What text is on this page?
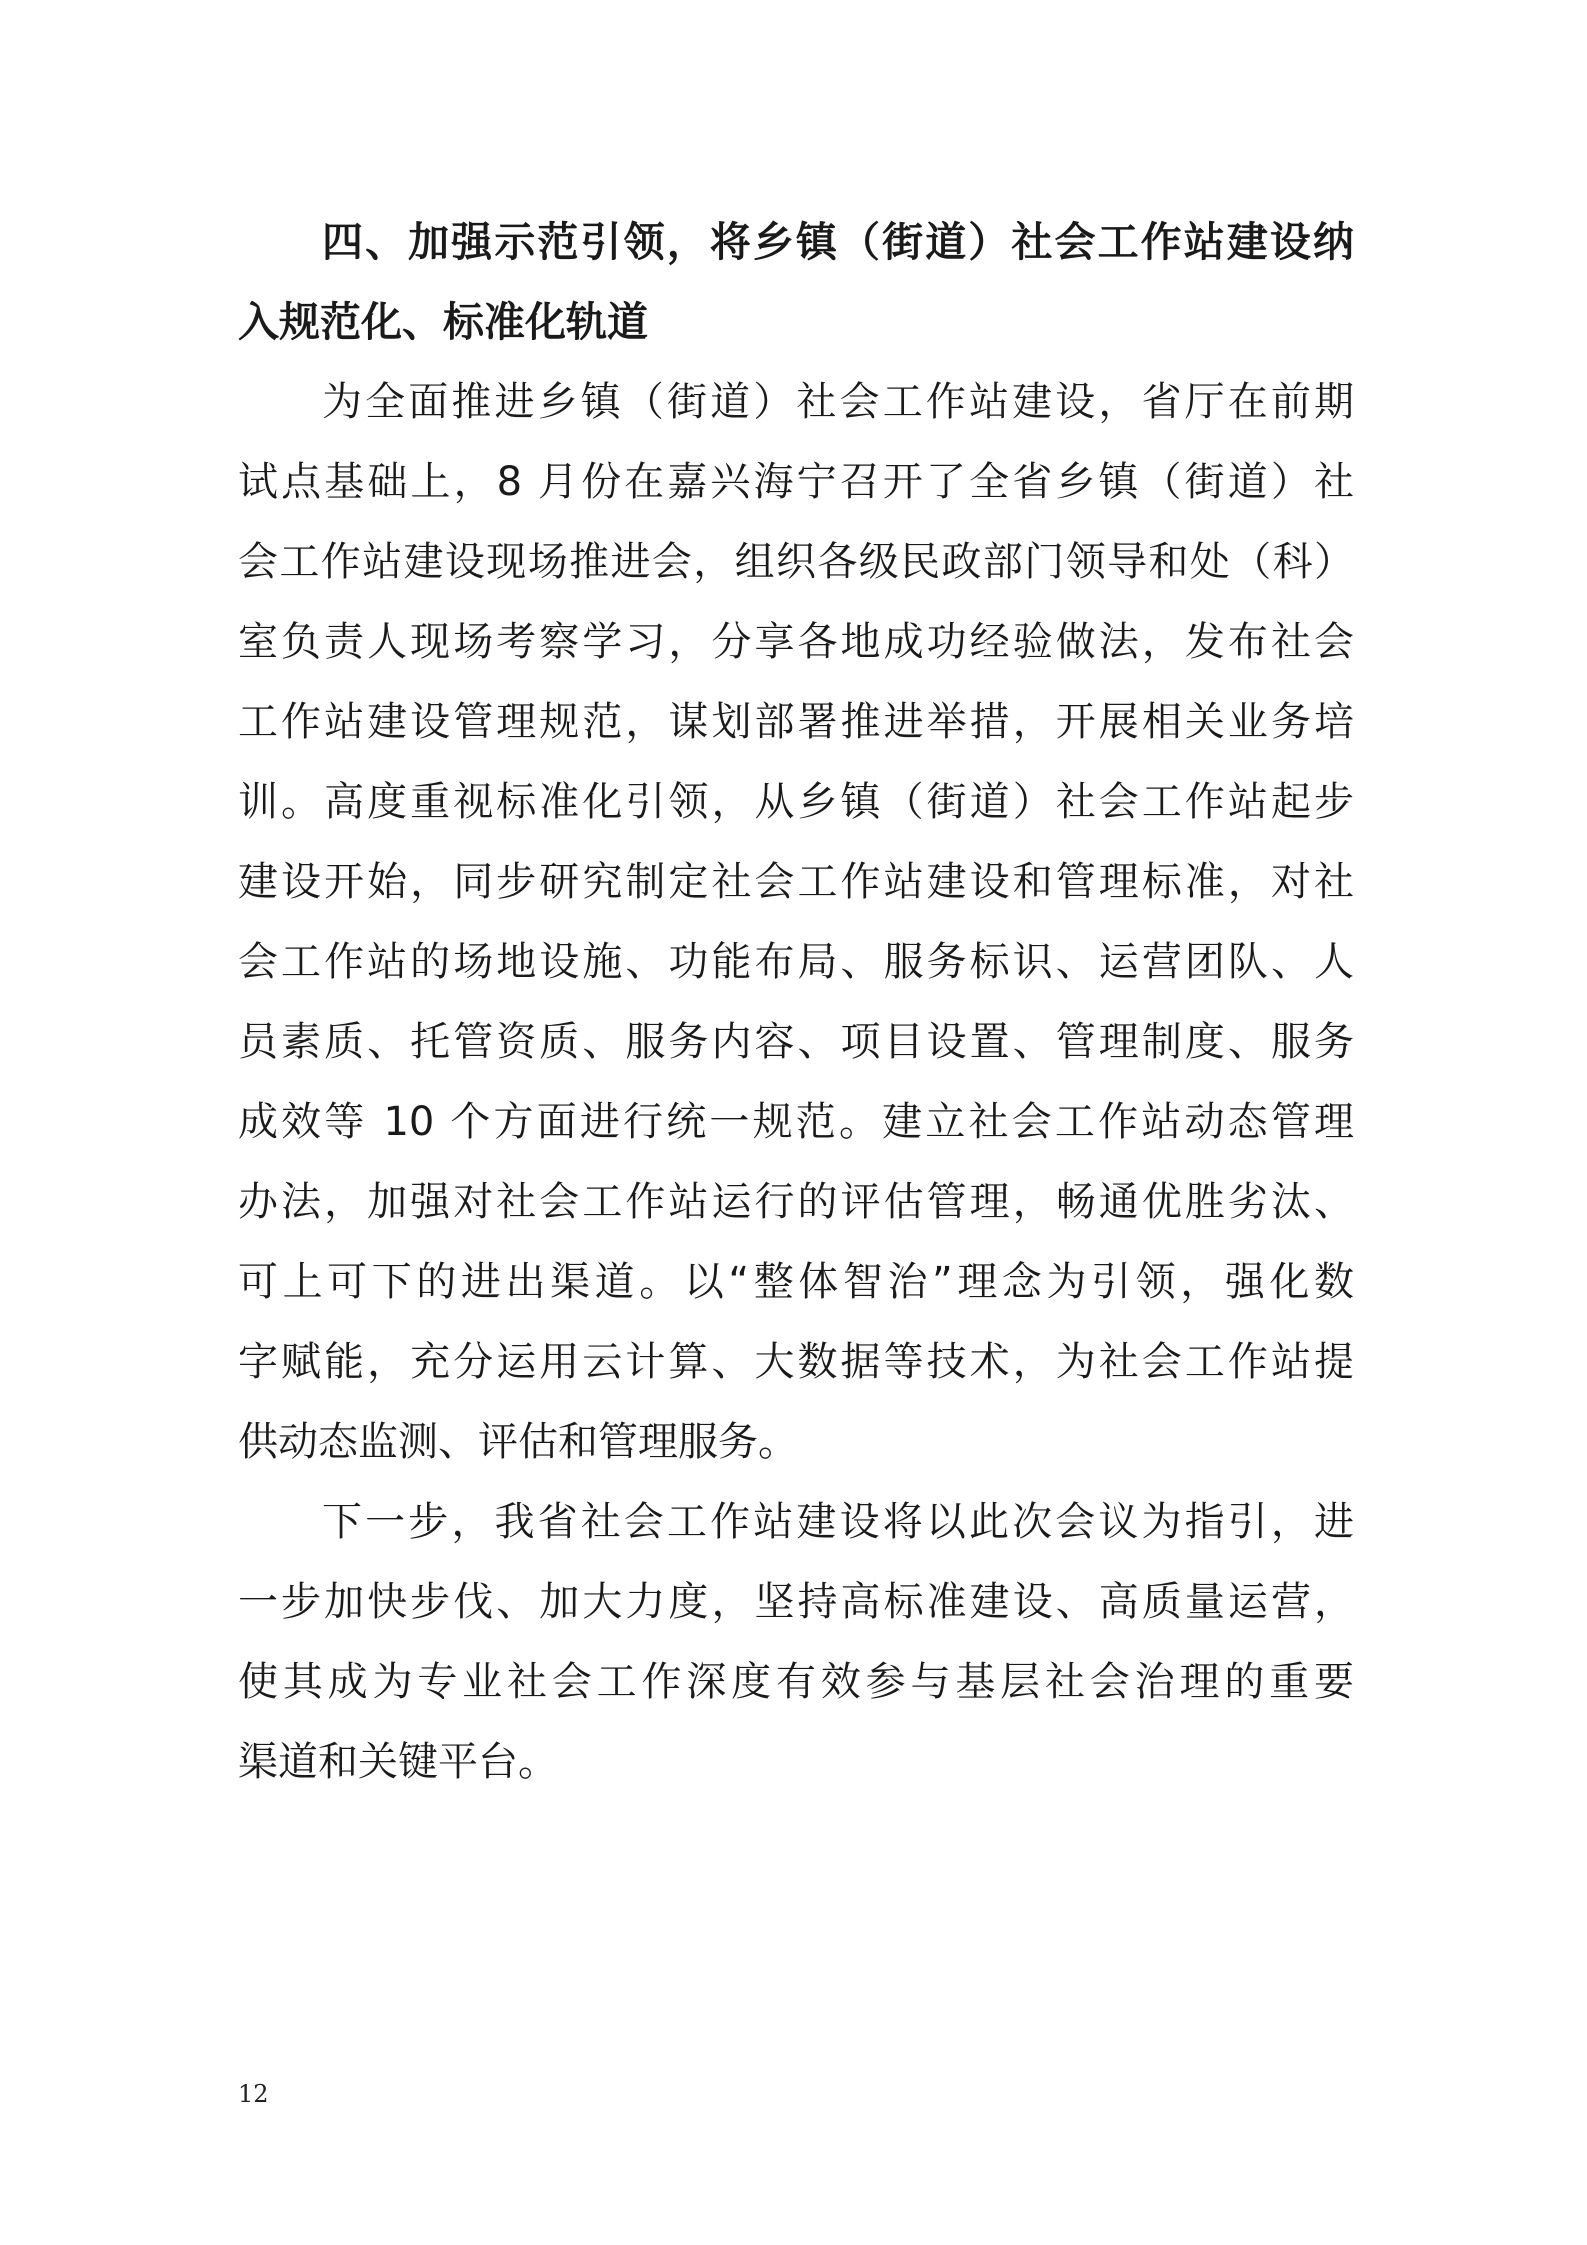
四、加强示范引领，将乡镇（街道）社会工作站建设纳
入规范化、标准化轨道
为全面推进乡镇（街道）社会工作站建设，省厅在前期
试点基础上，8 月份在嘉兴海宁召开了全省乡镇（街道）社
会工作站建设现场推进会，组织各级民政部门领导和处（科）
室负责人现场考察学习，分享各地成功经验做法，发布社会
工作站建设管理规范，谋划部署推进举措，开展相关业务培
训。高度重视标准化引领，从乡镇（街道）社会工作站起步
建设开始，同步研究制定社会工作站建设和管理标准，对社
会工作站的场地设施、功能布局、服务标识、运营团队、人
员素质、托管资质、服务内容、项目设置、管理制度、服务
成效等 10 个方面进行统一规范。建立社会工作站动态管理
办法，加强对社会工作站运行的评估管理，畅通优胜劣汰、
可上可下的进出渠道。以“整体智治”理念为引领，强化数
字赋能，充分运用云计算、大数据等技术，为社会工作站提
供动态监测、评估和管理服务。
下一步，我省社会工作站建设将以此次会议为指引，进
一步加快步伐、加大力度，坚持高标准建设、高质量运营，
使其成为专业社会工作深度有效参与基层社会治理的重要
渠道和关键平台。
12
